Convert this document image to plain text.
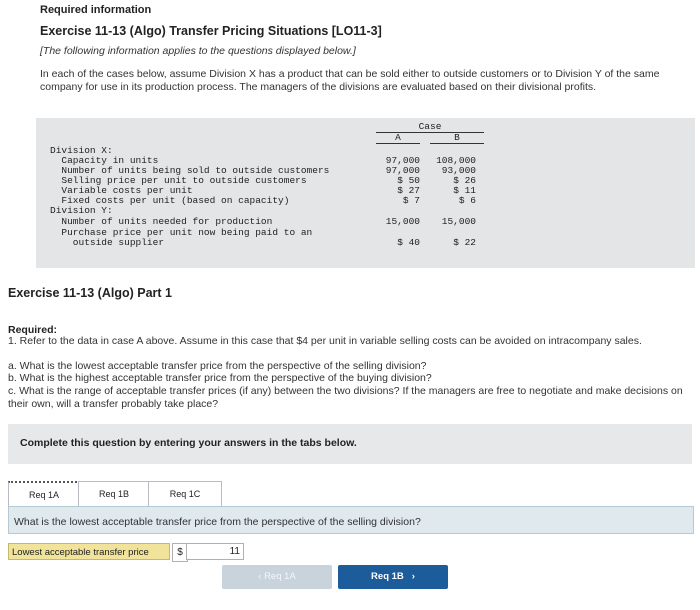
Required information
Exercise 11-13 (Algo) Transfer Pricing Situations [LO11-3]
[The following information applies to the questions displayed below.]
In each of the cases below, assume Division X has a product that can be sold either to outside customers or to Division Y of the same company for use in its production process. The managers of the divisions are evaluated based on their divisional profits.
Case
A	B
Division X:
Capacity in units	97,000	108,000
Number of units being sold to outside customers	97,000	93,000
Selling price per unit to outside customers	$ 50	$ 26
Variable costs per unit	$ 27	$ 11
Fixed costs per unit (based on capacity)	$ 7	$ 6
Division Y:
Number of units needed for production	15,000	15,000
Purchase price per unit now being paid to an
outside supplier	$ 40	$ 22
Exercise 11-13 (Algo) Part 1
Required:
1. Refer to the data in case A above. Assume in this case that $4 per unit in variable selling costs can be avoided on intracompany sales.
a. What is the lowest acceptable transfer price from the perspective of the selling division?
b. What is the highest acceptable transfer price from the perspective of the buying division?
c. What is the range of acceptable transfer prices (if any) between the two divisions? If the managers are free to negotiate and make decisions on their own, will a transfer probably take place?
Complete this question by entering your answers in the tabs below.
Req 1A	Req 1B	Req 1C
What is the lowest acceptable transfer price from the perspective of the selling division?
Lowest acceptable transfer price	$
11
‹ Req 1A	Req 1B ›
